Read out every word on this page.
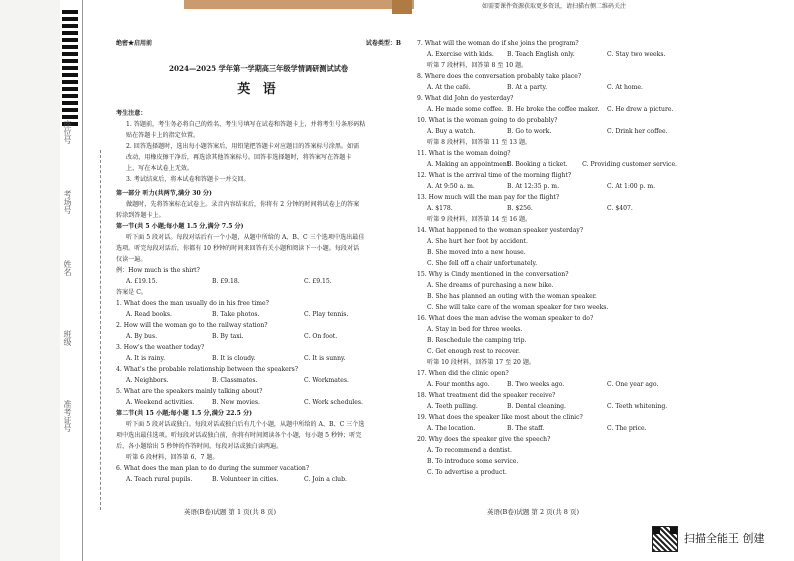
座位号
考场号
姓名
班级
准考证号
如需要课件资源获取更多资讯，请扫描右侧二维码关注
绝密★启用前	试卷类型：B
2024—2025 学年第一学期高三年级学情调研测试试卷
英 语
考生注意：
1. 答题前，考生务必将自己的姓名、考生号填写在试卷和答题卡上，并将考生号条形码粘
贴在答题卡上的指定位置。
2. 回答选择题时，选出每小题答案后，用铅笔把答题卡对应题目的答案标号涂黑。如需
改动，用橡皮擦干净后，再选涂其他答案标号。回答非选择题时，将答案写在答题卡
上，写在本试卷上无效。
3. 考试结束后，将本试卷和答题卡一并交回。
第一部分 听力(共两节,满分 30 分)
做题时，先将答案标在试卷上。录音内容结束后，你将有 2 分钟的时间将试卷上的答案
转涂到答题卡上。
第一节(共 5 小题;每小题 1.5 分,满分 7.5 分)
听下面 5 段对话。每段对话后有一个小题，从题中所给的 A、B、C 三个选项中选出最佳
选项。听完每段对话后，你都有 10 秒钟的时间来回答有关小题和阅读下一小题。每段对话
仅读一遍。
例：How much is the shirt?
A. £19.15.	B. £9.18.	C. £9.15.
答案是 C。
1. What does the man usually do in his free time?
A. Read books.	B. Take photos.	C. Play tennis.
2. How will the woman go to the railway station?
A. By bus.	B. By taxi.	C. On foot.
3. How's the weather today?
A. It is rainy.	B. It is cloudy.	C. It is sunny.
4. What's the probable relationship between the speakers?
A. Neighbors.	B. Classmates.	C. Workmates.
5. What are the speakers mainly talking about?
A. Weekend activities.	B. New movies.	C. Work schedules.
第二节(共 15 小题;每小题 1.5 分,满分 22.5 分)
听下面 5 段对话或独白。每段对话或独白后有几个小题，从题中所给的 A、B、C 三个选
项中选出最佳选项。听每段对话或独白前，你将有时间阅读各个小题，每小题 5 秒钟；听完
后，各小题给出 5 秒钟的作答时间。每段对话或独白读两遍。
听第 6 段材料，回答第 6、7 题。
6. What does the man plan to do during the summer vacation?
A. Teach rural pupils.	B. Volunteer in cities.	C. Join a club.
7. What will the woman do if she joins the program?
A. Exercise with kids.	B. Teach English only.	C. Stay two weeks.
听第 7 段材料，回答第 8 至 10 题。
8. Where does the conversation probably take place?
A. At the café.	B. At a party.	C. At home.
9. What did John do yesterday?
A. He made some coffee. B. He broke the coffee maker.	C. He drew a picture.
10. What is the woman going to do probably?
A. Buy a watch.	B. Go to work.	C. Drink her coffee.
听第 8 段材料，回答第 11 至 13 题。
11. What is the woman doing?
A. Making an appointment.
B. Booking a ticket.	C. Providing customer service.
12. What is the arrival time of the morning flight?
A. At 9:50 a. m.	B. At 12:35 p. m.	C. At 1:00 p. m.
13. How much will the man pay for the flight?
A. $178.	B. $256.	C. $407.
听第 9 段材料，回答第 14 至 16 题。
14. What happened to the woman speaker yesterday?
A. She hurt her foot by accident.
B. She moved into a new house.
C. She fell off a chair unfortunately.
15. Why is Cindy mentioned in the conversation?
A. She dreams of purchasing a new bike.
B. She has planned an outing with the woman speaker.
C. She will take care of the woman speaker for two weeks.
16. What does the man advise the woman speaker to do?
A. Stay in bed for three weeks.
B. Reschedule the camping trip.
C. Get enough rest to recover.
听第 10 段材料，回答第 17 至 20 题。
17. When did the clinic open?
A. Four months ago.	B. Two weeks ago.	C. One year ago.
18. What treatment did the speaker receive?
A. Teeth pulling.	B. Dental cleaning.	C. Teeth whitening.
19. What does the speaker like most about the clinic?
A. The location.	B. The staff.	C. The price.
20. Why does the speaker give the speech?
A. To recommend a dentist.
B. To introduce some service.
C. To advertise a product.
英语(B卷)试题 第 1 页(共 8 页)	英语(B卷)试题 第 2 页(共 8 页)
扫描全能王 创建
